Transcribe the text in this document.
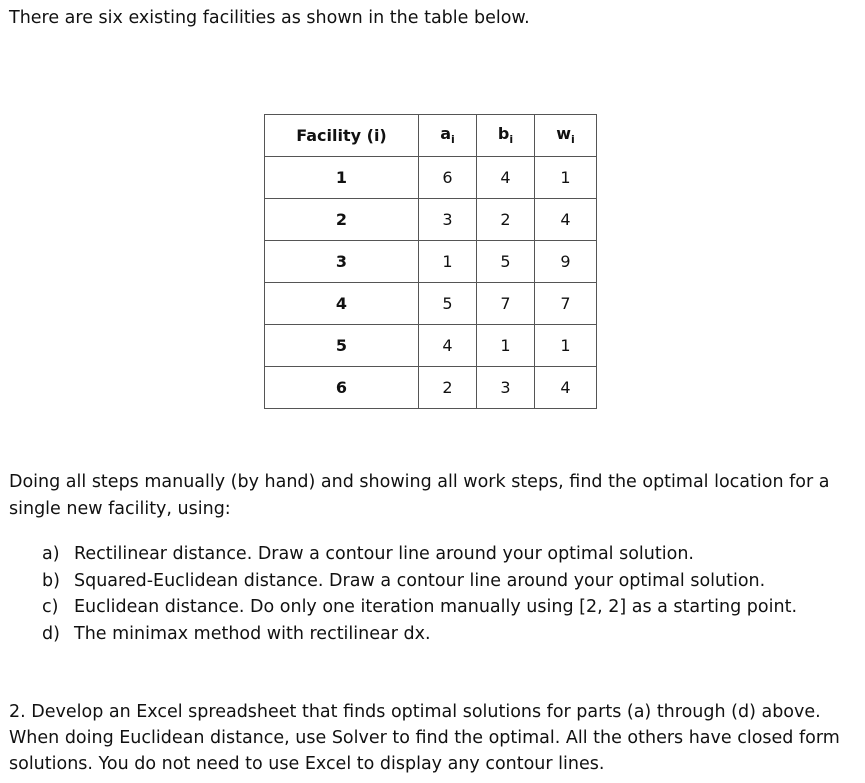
There are six existing facilities as shown in the table below.
Facility (i)	$a_i$	$b_i$	$w_i$
1	6	4	1
2	3	2	4
3	1	5	9
4	5	7	7
5	4	1	1
6	2	3	4
Doing all steps manually (by hand) and showing all work steps, find the optimal location for a single new facility, using:
a) Rectilinear distance. Draw a contour line around your optimal solution.
b) Squared-Euclidean distance. Draw a contour line around your optimal solution.
c) Euclidean distance. Do only one iteration manually using [2, 2] as a starting point.
d) The minimax method with rectilinear dx.
2. Develop an Excel spreadsheet that finds optimal solutions for parts (a) through (d) above. When doing Euclidean distance, use Solver to find the optimal. All the others have closed form solutions. You do not need to use Excel to display any contour lines.
